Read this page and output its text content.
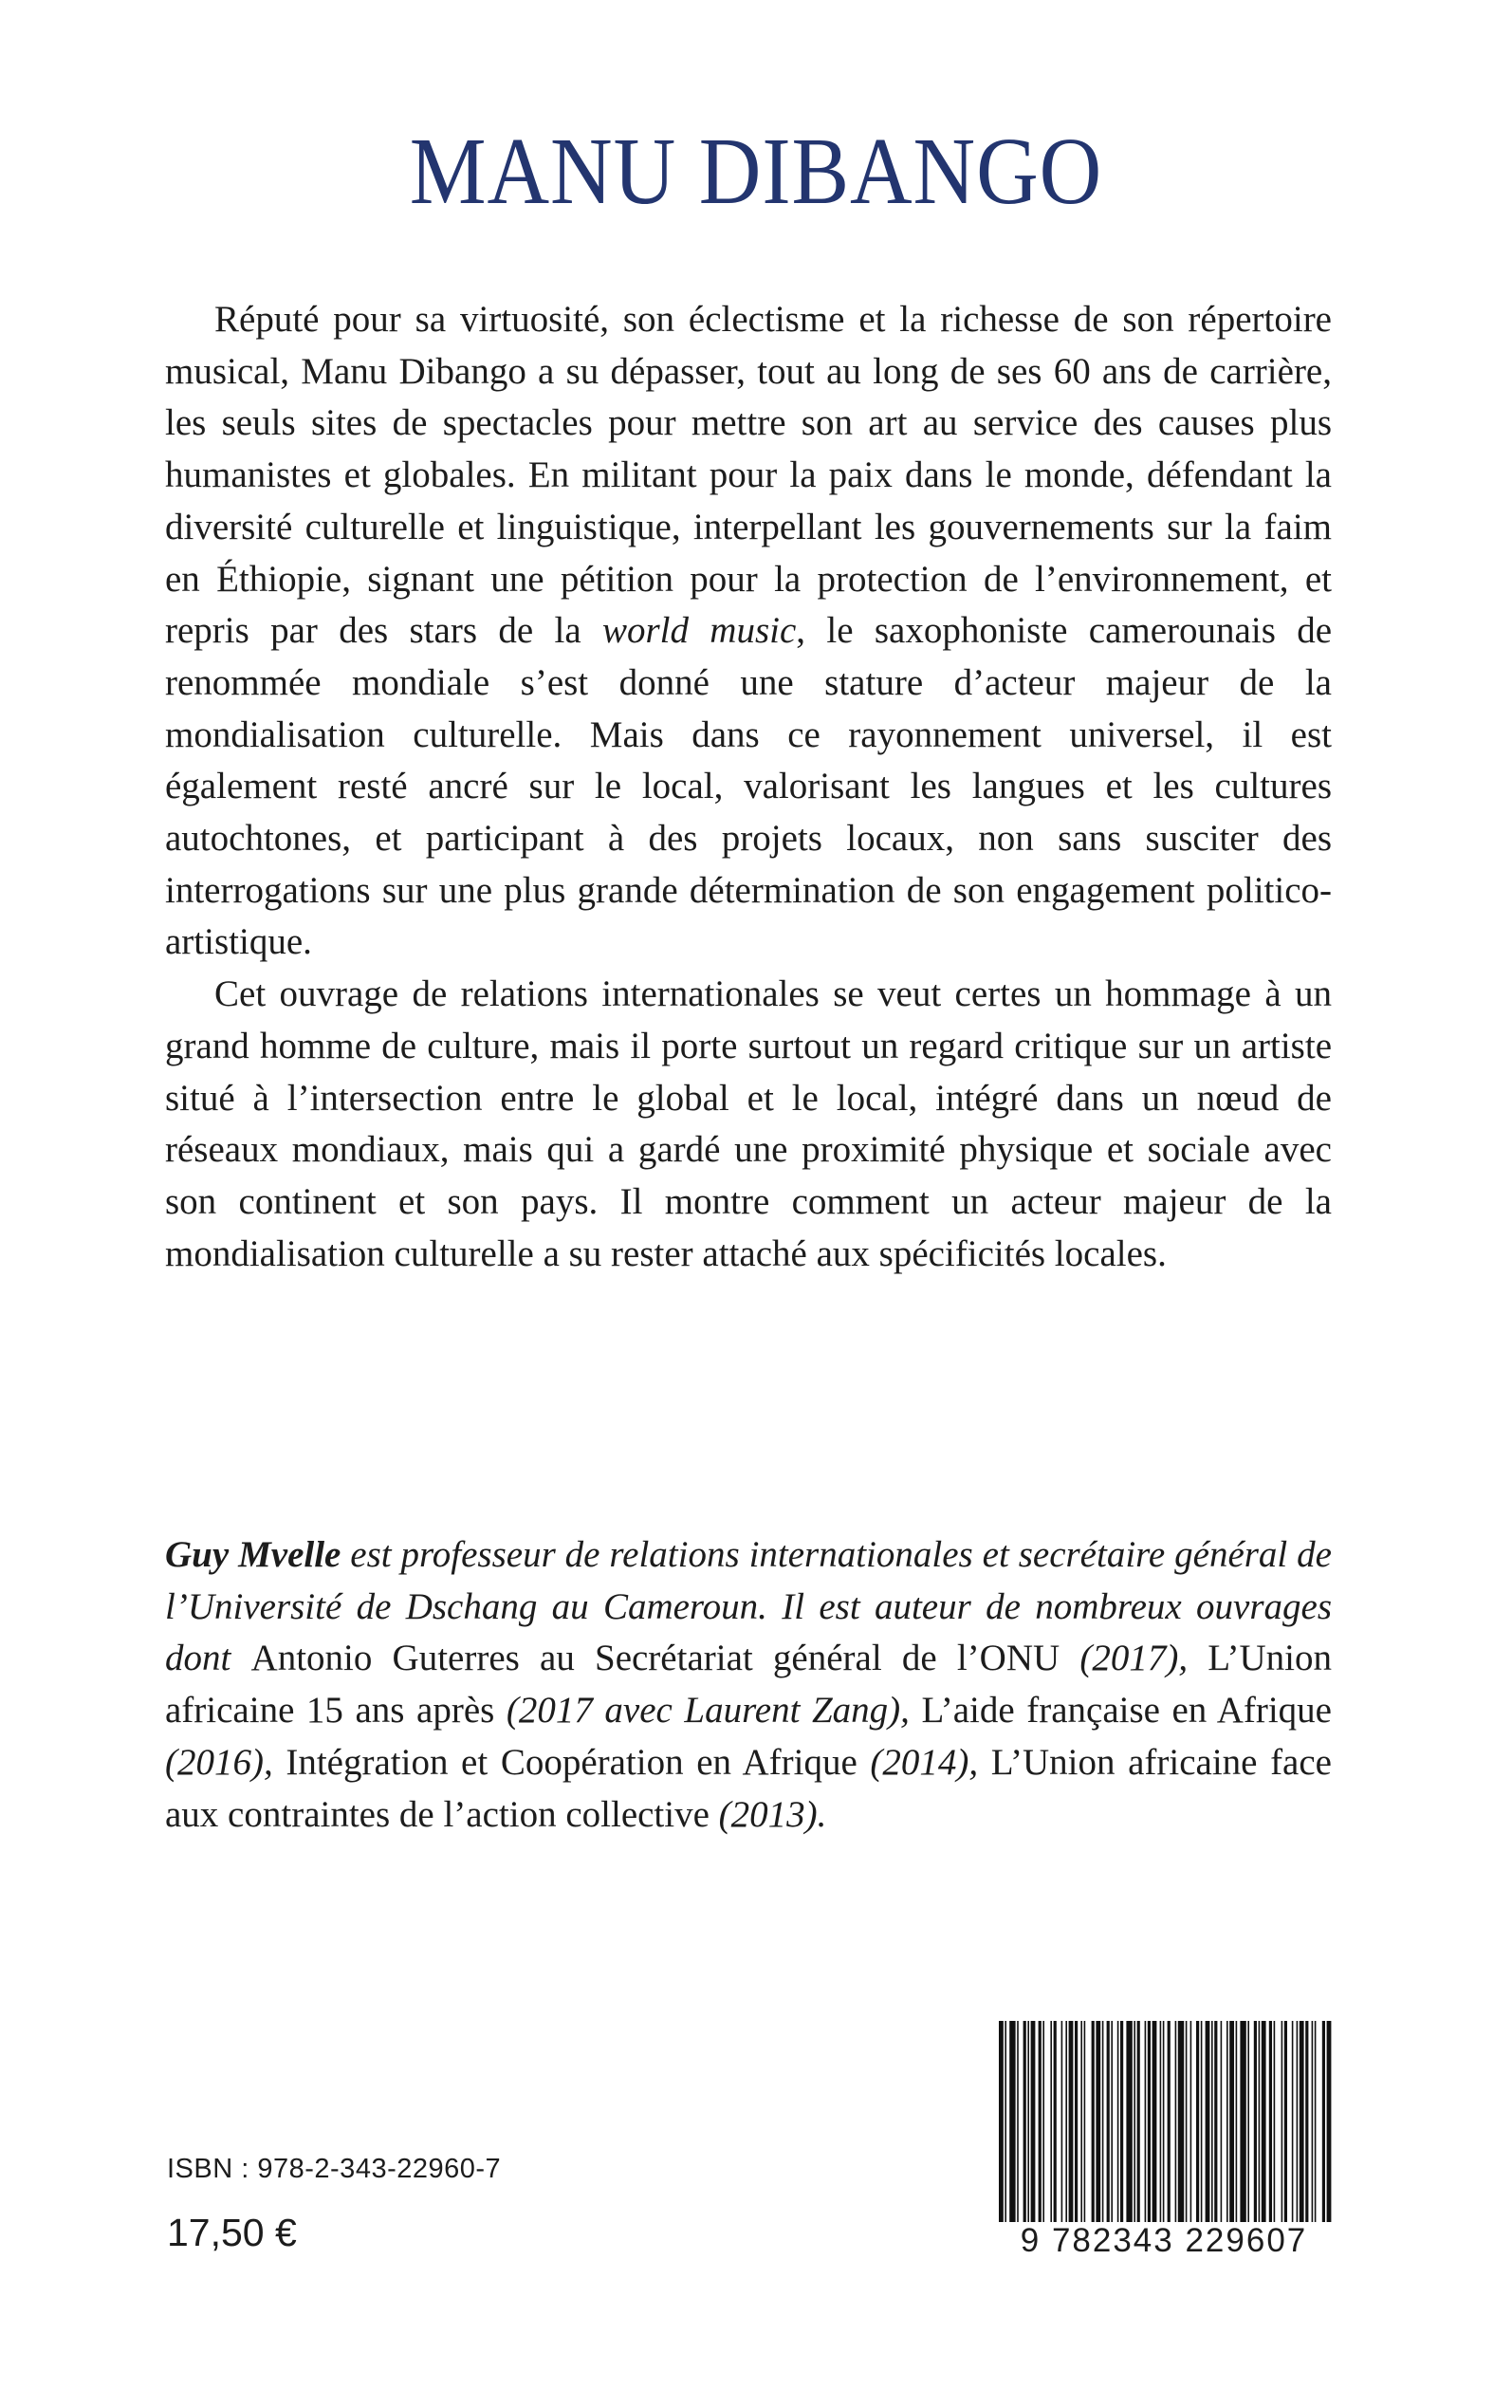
MANU DIBANGO

Réputé pour sa virtuosité, son éclectisme et la richesse de son répertoire musical, Manu Dibango a su dépasser, tout au long de ses 60 ans de carrière, les seuls sites de spectacles pour mettre son art au service des causes plus humanistes et globales. En militant pour la paix dans le monde, défendant la diversité culturelle et linguistique, interpellant les gouvernements sur la faim en Éthiopie, signant une pétition pour la protection de l’environnement, et repris par des stars de la world music, le saxophoniste camerounais de renommée mondiale s’est donné une stature d’acteur majeur de la mondialisation culturelle. Mais dans ce rayonnement universel, il est également resté ancré sur le local, valorisant les langues et les cultures autochtones, et participant à des projets locaux, non sans susciter des interrogations sur une plus grande détermination de son engagement politico-artistique.

Cet ouvrage de relations internationales se veut certes un hommage à un grand homme de culture, mais il porte surtout un regard critique sur un artiste situé à l’intersection entre le global et le local, intégré dans un nœud de réseaux mondiaux, mais qui a gardé une proximité physique et sociale avec son continent et son pays. Il montre comment un acteur majeur de la mondialisation culturelle a su rester attaché aux spécificités locales.

Guy Mvelle est professeur de relations internationales et secrétaire général de l’Université de Dschang au Cameroun. Il est auteur de nombreux ouvrages dont Antonio Guterres au Secrétariat général de l’ONU (2017), L’Union africaine 15 ans après (2017 avec Laurent Zang), L’aide française en Afrique (2016), Intégration et Coopération en Afrique (2014), L’Union africaine face aux contraintes de l’action collective (2013).

ISBN : 978-2-343-22960-7
17,50 €	9 782343 229607
